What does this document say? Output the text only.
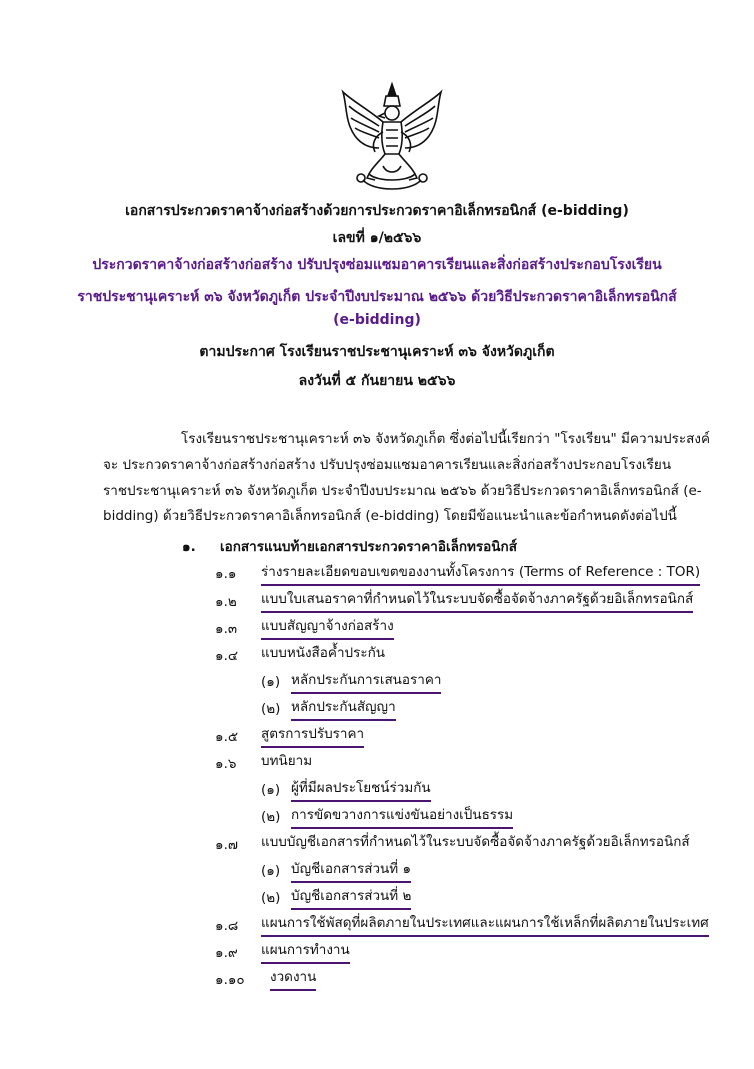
เอกสารประกวดราคาจ้างก่อสร้างด้วยการประกวดราคาอิเล็กทรอนิกส์ (e-bidding)
เลขที่ ๑/๒๕๖๖
ประกวดราคาจ้างก่อสร้างก่อสร้าง ปรับปรุงซ่อมแซมอาคารเรียนและสิ่งก่อสร้างประกอบโรงเรียน
ราชประชานุเคราะห์ ๓๖ จังหวัดภูเก็ต ประจำปีงบประมาณ ๒๕๖๖ ด้วยวิธีประกวดราคาอิเล็กทรอนิกส์
(e-bidding)
ตามประกาศ โรงเรียนราชประชานุเคราะห์ ๓๖ จังหวัดภูเก็ต
ลงวันที่ ๕ กันยายน ๒๕๖๖
โรงเรียนราชประชานุเคราะห์ ๓๖ จังหวัดภูเก็ต ซึ่งต่อไปนี้เรียกว่า "โรงเรียน" มีความประสงค์
จะ ประกวดราคาจ้างก่อสร้างก่อสร้าง ปรับปรุงซ่อมแซมอาคารเรียนและสิ่งก่อสร้างประกอบโรงเรียน
ราชประชานุเคราะห์ ๓๖ จังหวัดภูเก็ต ประจำปีงบประมาณ ๒๕๖๖ ด้วยวิธีประกวดราคาอิเล็กทรอนิกส์ (e-
bidding) ด้วยวิธีประกวดราคาอิเล็กทรอนิกส์ (e-bidding) โดยมีข้อแนะนำและข้อกำหนดดังต่อไปนี้
๑. เอกสารแนบท้ายเอกสารประกวดราคาอิเล็กทรอนิกส์
๑.๑ ร่างรายละเอียดขอบเขตของงานทั้งโครงการ (Terms of Reference : TOR)
๑.๒ แบบใบเสนอราคาที่กำหนดไว้ในระบบจัดซื้อจัดจ้างภาครัฐด้วยอิเล็กทรอนิกส์
๑.๓ แบบสัญญาจ้างก่อสร้าง
๑.๔ แบบหนังสือค้ำประกัน
(๑) หลักประกันการเสนอราคา
(๒) หลักประกันสัญญา
๑.๕ สูตรการปรับราคา
๑.๖ บทนิยาม
(๑) ผู้ที่มีผลประโยชน์ร่วมกัน
(๒) การขัดขวางการแข่งขันอย่างเป็นธรรม
๑.๗ แบบบัญชีเอกสารที่กำหนดไว้ในระบบจัดซื้อจัดจ้างภาครัฐด้วยอิเล็กทรอนิกส์
(๑) บัญชีเอกสารส่วนที่ ๑
(๒) บัญชีเอกสารส่วนที่ ๒
๑.๘ แผนการใช้พัสดุที่ผลิตภายในประเทศและแผนการใช้เหล็กที่ผลิตภายในประเทศ
๑.๙ แผนการทำงาน
๑.๑๐ งวดงาน
